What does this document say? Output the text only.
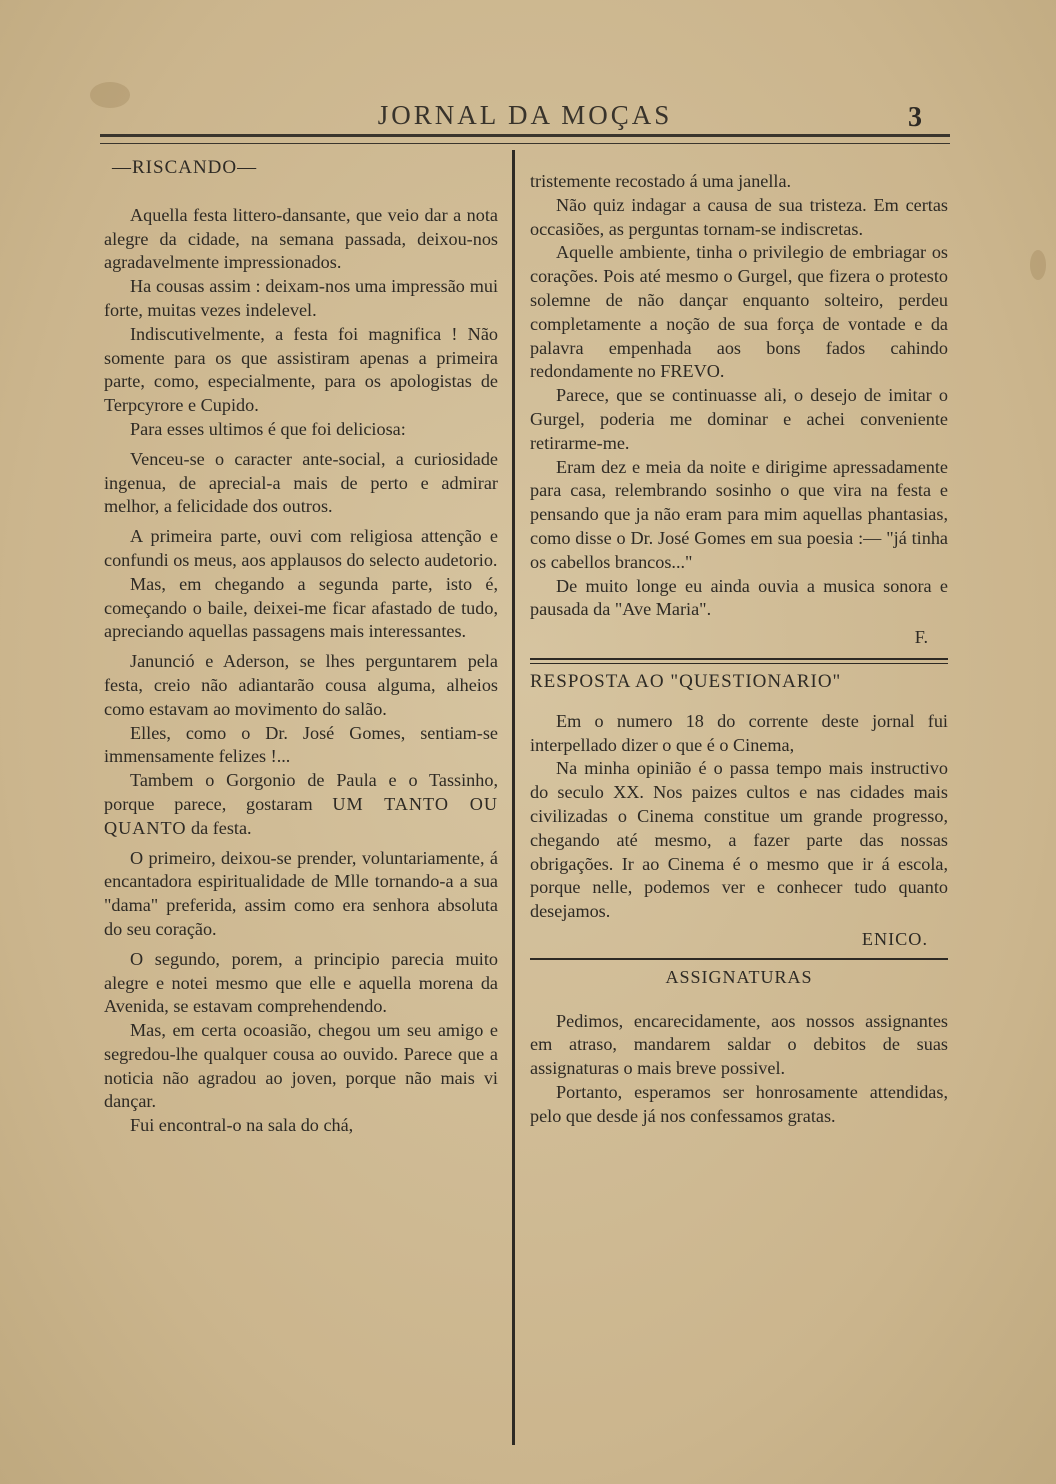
JORNAL DA MOÇAS	3
—RISCANDO—

Aquella festa littero-dansante, que veio dar a nota alegre da cidade, na semana passada, deixou-nos agradavelmente impressionados.

Ha cousas assim : deixam-nos uma impressão mui forte, muitas vezes indelevel.

Indiscutivelmente, a festa foi magnifica ! Não somente para os que assistiram apenas a primeira parte, como, especialmente, para os apologistas de Terpcyrore e Cupido.

Para esses ultimos é que foi deliciosa:

Venceu-se o caracter ante-social, a curiosidade ingenua, de aprecial-a mais de perto e admirar melhor, a felicidade dos outros.

A primeira parte, ouvi com religiosa attenção e confundi os meus, aos applausos do selecto audetorio.

Mas, em chegando a segunda parte, isto é, começando o baile, deixei-me ficar afastado de tudo, apreciando aquellas passagens mais interessantes.

Janunció e Aderson, se lhes perguntarem pela festa, creio não adiantarão cousa alguma, alheios como estavam ao movimento do salão.

Elles, como o Dr. José Gomes, sentiam-se immensamente felizes !...

Tambem o Gorgonio de Paula e o Tassinho, porque parece, gostaram UM TANTO OU QUANTO da festa.

O primeiro, deixou-se prender, voluntariamente, á encantadora espiritualidade de Mlle tornando-a a sua "dama" preferida, assim como era senhora absoluta do seu coração.

O segundo, porem, a principio parecia muito alegre e notei mesmo que elle e aquella morena da Avenida, se estavam comprehendendo.

Mas, em certa ocoasião, chegou um seu amigo e segredou-lhe qualquer cousa ao ouvido. Parece que a noticia não agradou ao joven, porque não mais vi dançar.

Fui encontral-o na sala do chá,

tristemente recostado á uma janella.

Não quiz indagar a causa de sua tristeza. Em certas occasiões, as perguntas tornam-se indiscretas.

Aquelle ambiente, tinha o privilegio de embriagar os corações. Pois até mesmo o Gurgel, que fizera o protesto solemne de não dançar enquanto solteiro, perdeu completamente a noção de sua força de vontade e da palavra empenhada aos bons fados cahindo redondamente no FREVO.

Parece, que se continuasse ali, o desejo de imitar o Gurgel, poderia me dominar e achei conveniente retirarme-me.

Eram dez e meia da noite e dirigime apressadamente para casa, relembrando sosinho o que vira na festa e pensando que ja não eram para mim aquellas phantasias, como disse o Dr. José Gomes em sua poesia :— "já tinha os cabellos brancos..."

De muito longe eu ainda ouvia a musica sonora e pausada da "Ave Maria".

F.
RESPOSTA AO "QUESTIONARIO"

Em o numero 18 do corrente deste jornal fui interpellado dizer o que é o Cinema,

Na minha opinião é o passa tempo mais instructivo do seculo XX. Nos paizes cultos e nas cidades mais civilizadas o Cinema constitue um grande progresso, chegando até mesmo, a fazer parte das nossas obrigações. Ir ao Cinema é o mesmo que ir á escola, porque nelle, podemos ver e conhecer tudo quanto desejamos.

ENICO.
ASSIGNATURAS

Pedimos, encarecidamente, aos nossos assignantes em atraso, mandarem saldar o debitos de suas assignaturas o mais breve possivel.

Portanto, esperamos ser honrosamente attendidas, pelo que desde já nos confessamos gratas.
